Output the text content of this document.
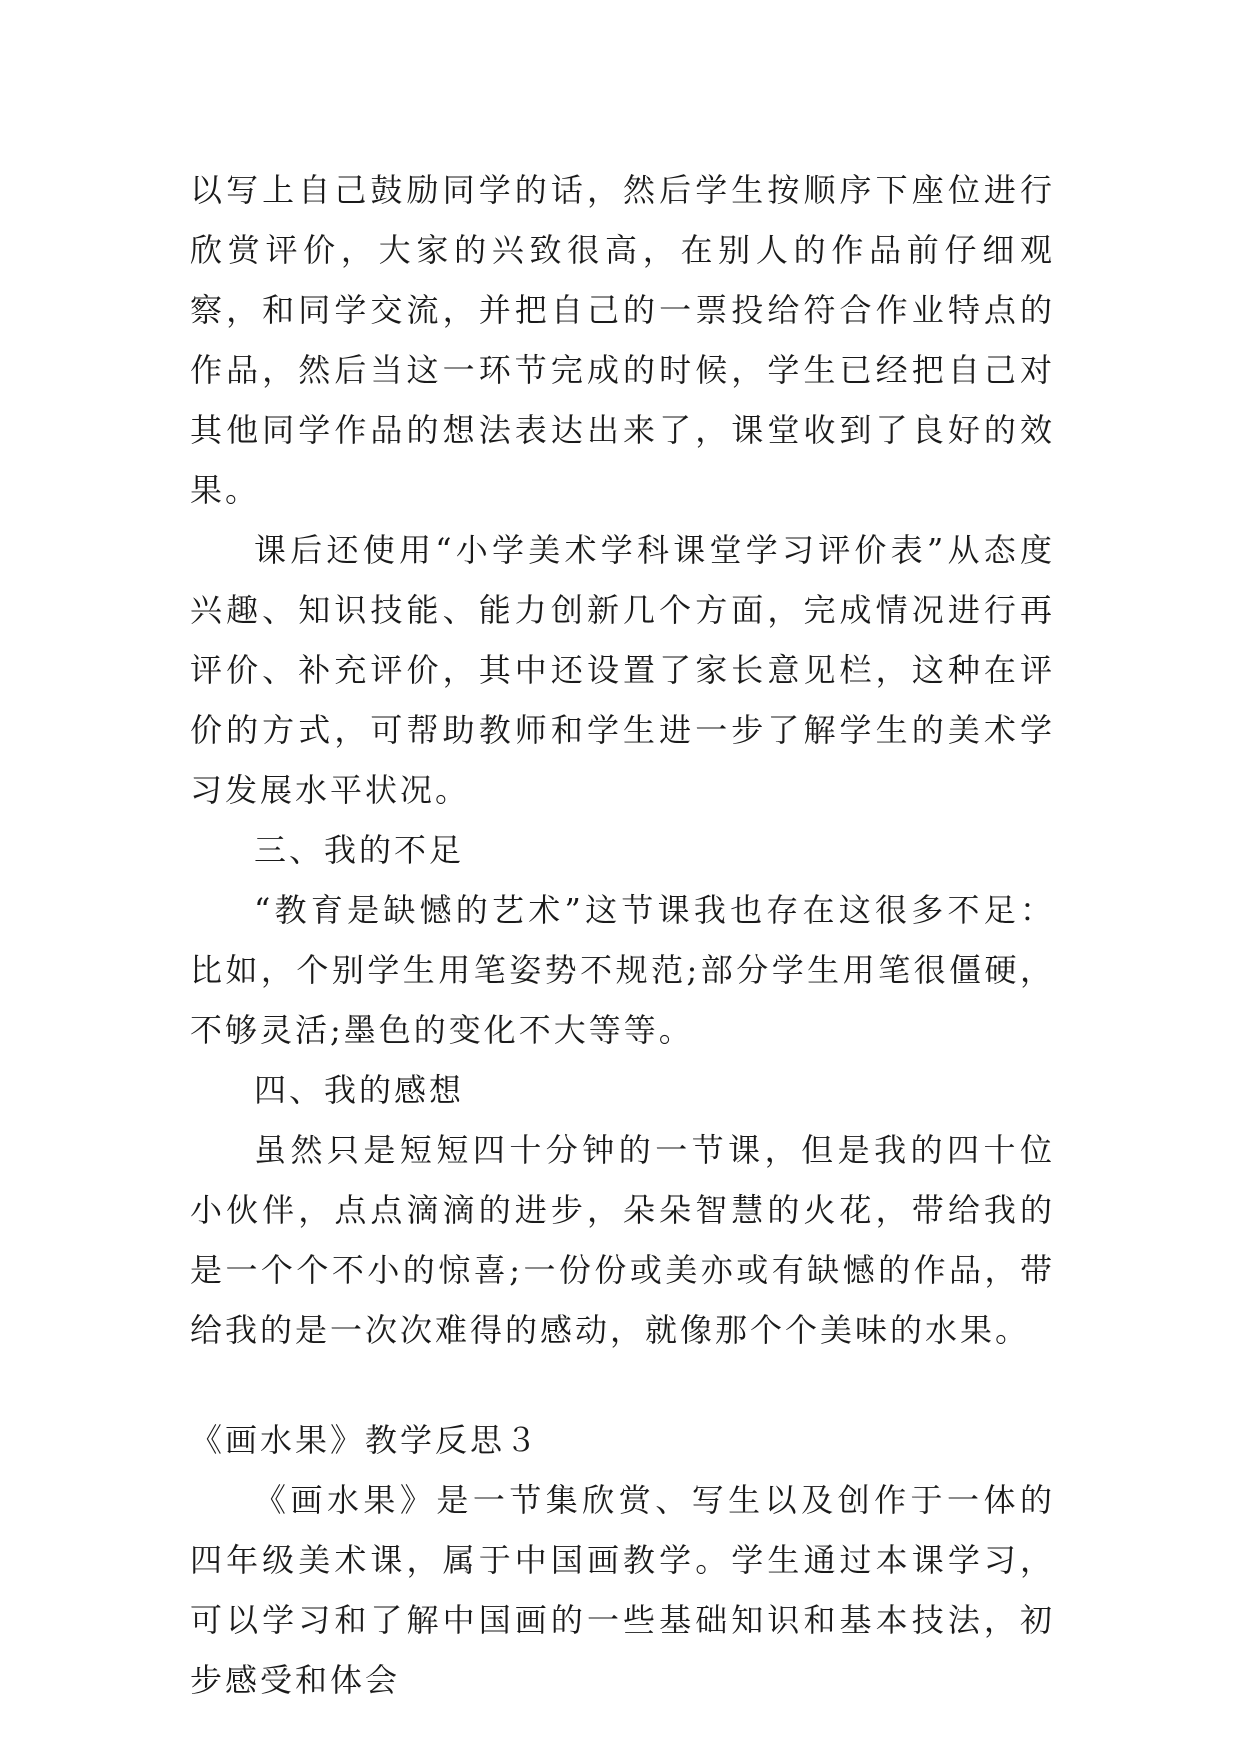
以写上自己鼓励同学的话，然后学生按顺序下座位进行欣赏评价，大家的兴致很高，在别人的作品前仔细观察，和同学交流，并把自己的一票投给符合作业特点的作品，然后当这一环节完成的时候，学生已经把自己对其他同学作品的想法表达出来了，课堂收到了良好的效果。

课后还使用“小学美术学科课堂学习评价表”从态度兴趣、知识技能、能力创新几个方面，完成情况进行再评价、补充评价，其中还设置了家长意见栏，这种在评价的方式，可帮助教师和学生进一步了解学生的美术学习发展水平状况。

三、我的不足

“教育是缺憾的艺术”这节课我也存在这很多不足：比如，个别学生用笔姿势不规范;部分学生用笔很僵硬，不够灵活;墨色的变化不大等等。

四、我的感想

虽然只是短短四十分钟的一节课，但是我的四十位小伙伴，点点滴滴的进步，朵朵智慧的火花，带给我的是一个个不小的惊喜;一份份或美亦或有缺憾的作品，带给我的是一次次难得的感动，就像那个个美味的水果。

《画水果》教学反思３

《画水果》是一节集欣赏、写生以及创作于一体的四年级美术课，属于中国画教学。学生通过本课学习，可以学习和了解中国画的一些基础知识和基本技法，初步感受和体会
